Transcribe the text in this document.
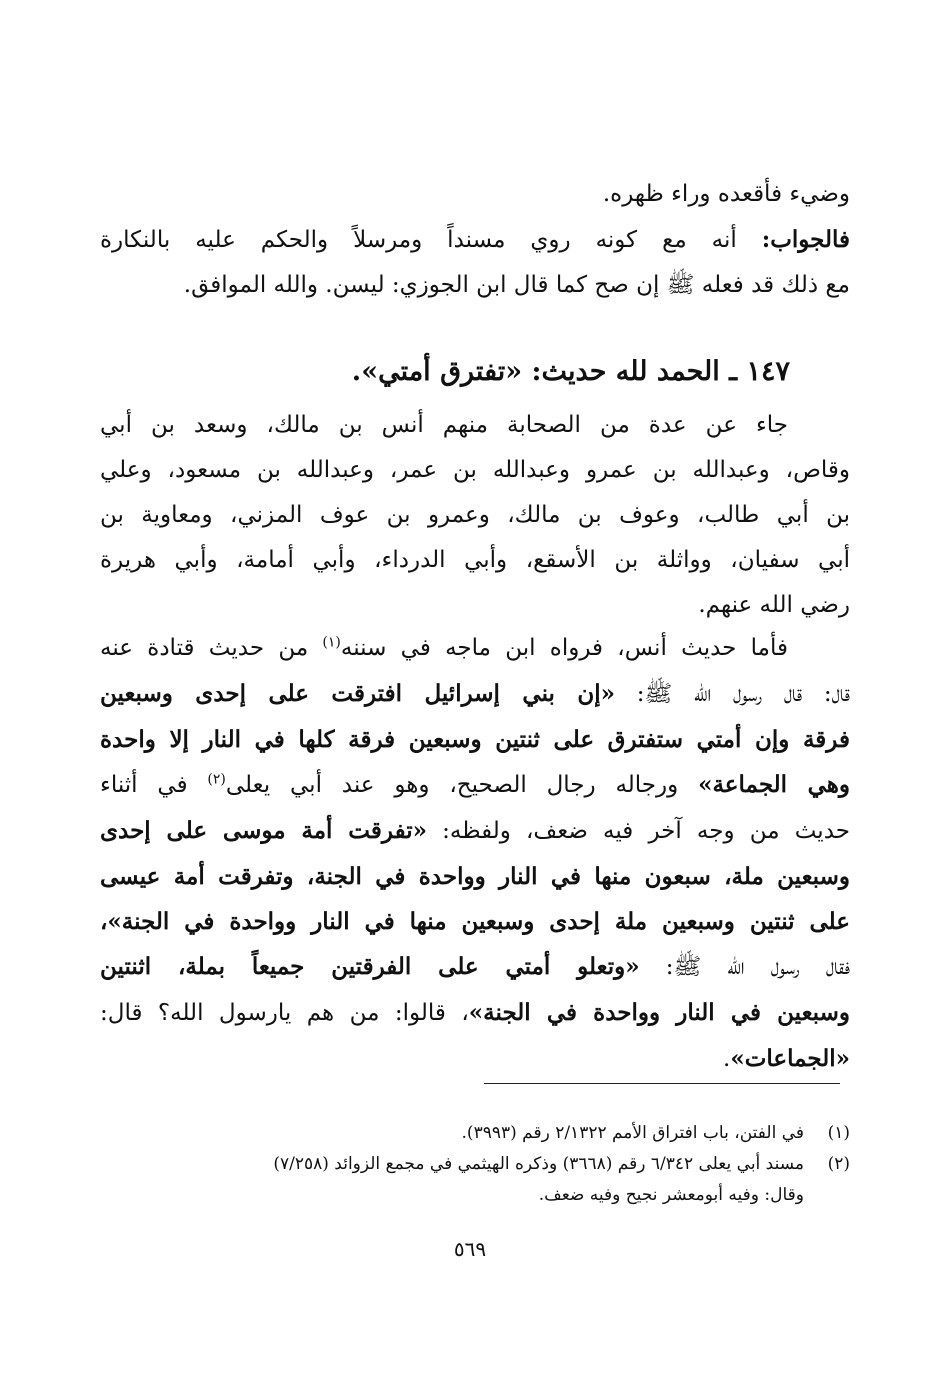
وضيء فأقعده وراء ظهره.
فالجواب: أنه مع كونه روي مسنداً ومرسلاً والحكم عليه بالنكارة
مع ذلك قد فعله ﷺ إن صح كما قال ابن الجوزي: ليسن. والله الموافق.
١٤٧ ـ الحمد لله حديث: «تفترق أمتي».
جاء عن عدة من الصحابة منهم أنس بن مالك، وسعد بن أبي
وقاص، وعبدالله بن عمرو وعبدالله بن عمر، وعبدالله بن مسعود، وعلي
بن أبي طالب، وعوف بن مالك، وعمرو بن عوف المزني، ومعاوية بن
أبي سفيان، وواثلة بن الأسقع، وأبي الدرداء، وأبي أمامة، وأبي هريرة
رضي الله عنهم.
فأما حديث أنس، فرواه ابن ماجه في سننه$^{(١)}$ من حديث قتادة عنه
قال: قال رسول الله ﷺ: «إن بني إسرائيل افترقت على إحدى وسبعين
فرقة وإن أمتي ستفترق على ثنتين وسبعين فرقة كلها في النار إلا واحدة
وهي الجماعة» ورجاله رجال الصحيح، وهو عند أبي يعلى$^{(٢)}$ في أثناء
حديث من وجه آخر فيه ضعف، ولفظه: «تفرقت أمة موسى على إحدى
وسبعين ملة، سبعون منها في النار وواحدة في الجنة، وتفرقت أمة عيسى
على ثنتين وسبعين ملة إحدى وسبعين منها في النار وواحدة في الجنة»،
فقال رسول الله ﷺ: «وتعلو أمتي على الفرقتين جميعاً بملة، اثنتين
وسبعين في النار وواحدة في الجنة»، قالوا: من هم يارسول الله؟ قال:
«الجماعات».
(١)في الفتن، باب افتراق الأمم ٢/١٣٢٢ رقم (٣٩٩٣).
(٢)مسند أبي يعلى ٦/٣٤٢ رقم (٣٦٦٨) وذكره الهيثمي في مجمع الزوائد (٧/٢٥٨)
وقال: وفيه أبومعشر نجيح وفيه ضعف.
٥٦٩
